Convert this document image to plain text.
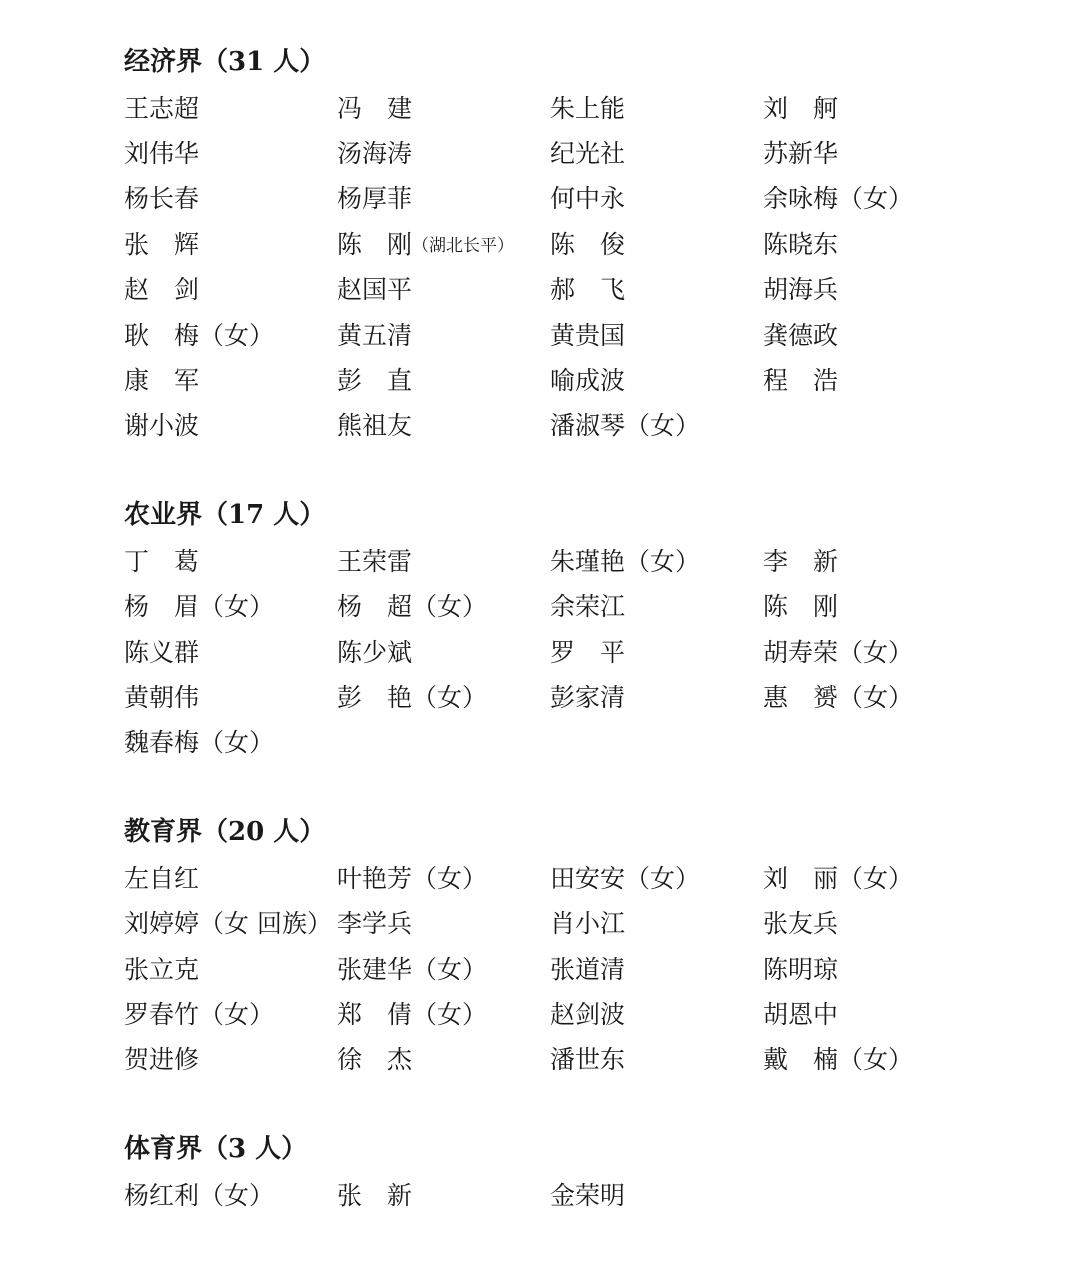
经济界（31 人）
王志超	冯　建	朱上能	刘　舸
刘伟华	汤海涛	纪光社	苏新华
杨长春	杨厚菲	何中永	余咏梅（女）
张　辉	陈　刚（湖北长平）	陈　俊	陈晓东
赵　剑	赵国平	郝　飞	胡海兵
耿　梅（女）	黄五清	黄贵国	龚德政
康　军	彭　直	喻成波	程　浩
谢小波	熊祖友	潘淑琴（女）
农业界（17 人）
丁　葛	王荣雷	朱瑾艳（女）	李　新
杨　眉（女）	杨　超（女）	余荣江	陈　刚
陈义群	陈少斌	罗　平	胡寿荣（女）
黄朝伟	彭　艳（女）	彭家清	惠　赟（女）
魏春梅（女）
教育界（20 人）
左自红	叶艳芳（女）	田安安（女）	刘　丽（女）
刘婷婷（女 回族） 李学兵	肖小江	张友兵
张立克	张建华（女）	张道清	陈明琼
罗春竹（女）	郑　倩（女）	赵剑波	胡恩中
贺进修	徐　杰	潘世东	戴　楠（女）
体育界（3 人）
杨红利（女）	张　新	金荣明
